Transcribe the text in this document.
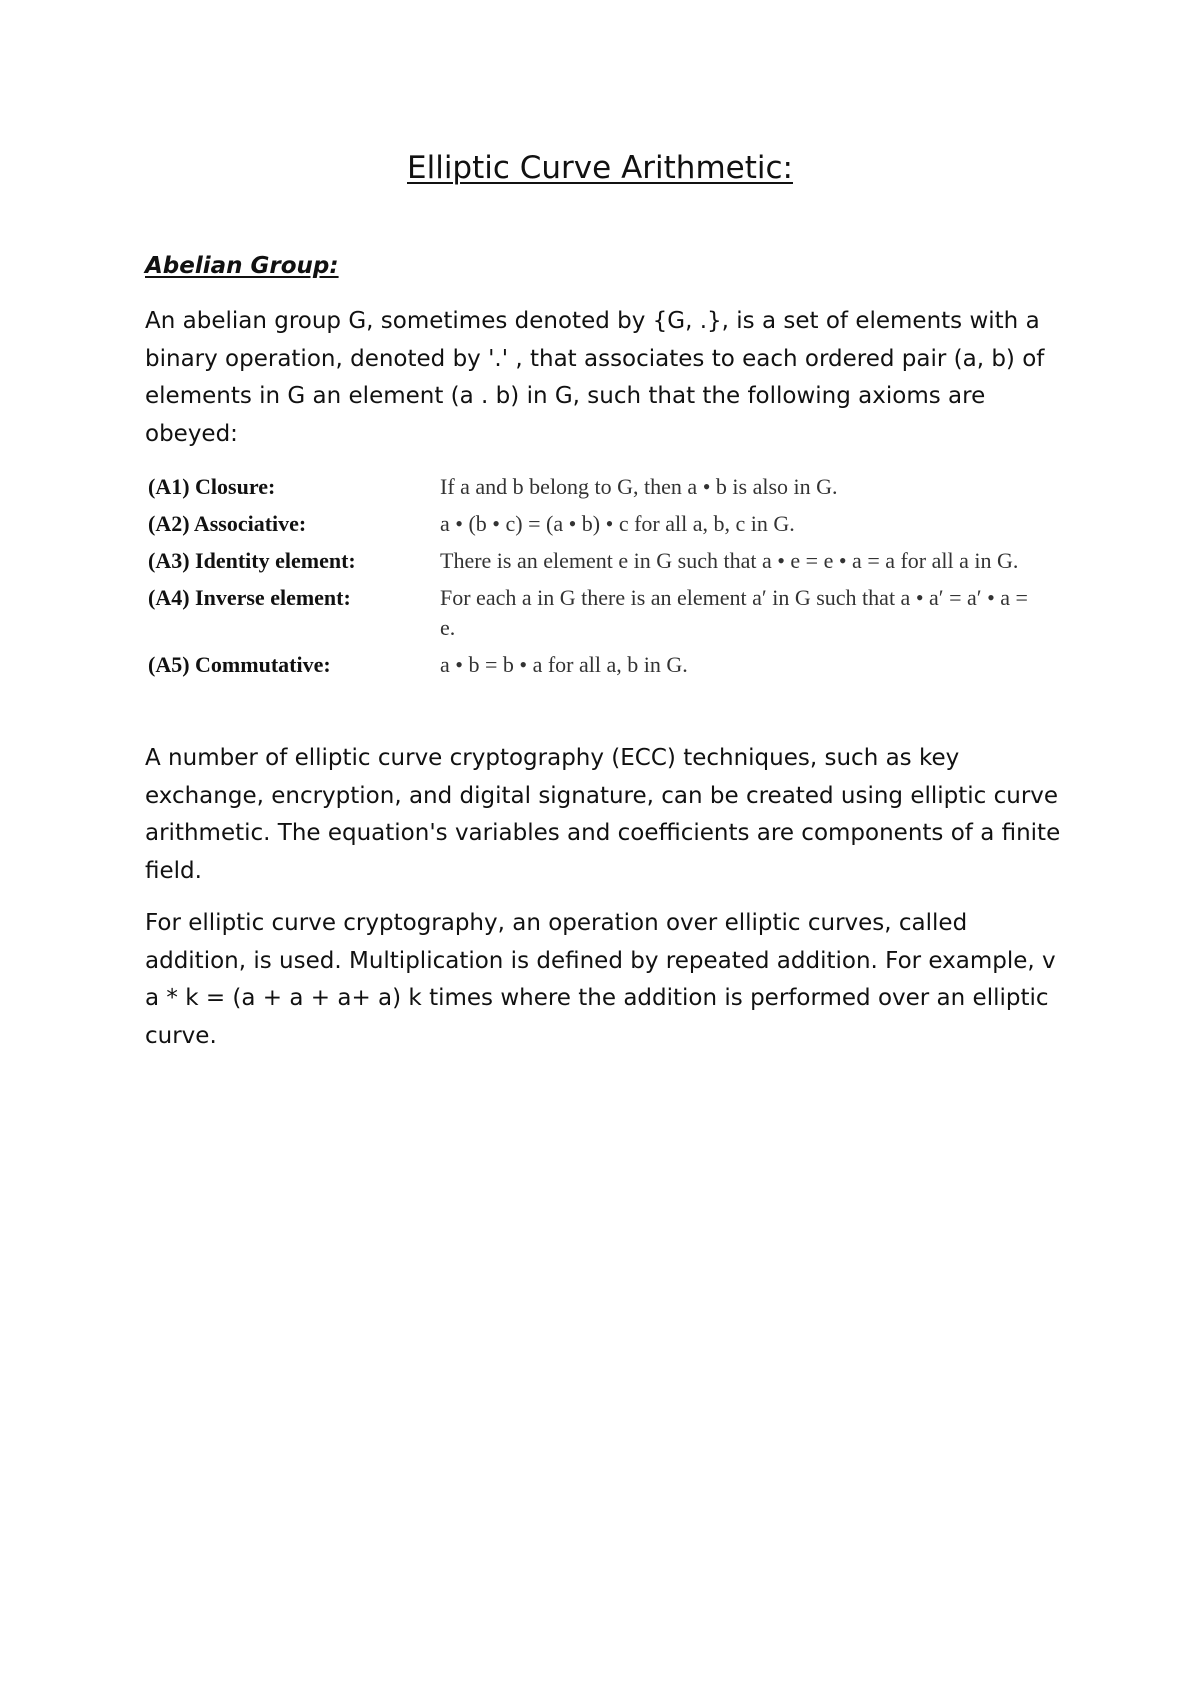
Elliptic Curve Arithmetic:
Abelian Group:

An abelian group G, sometimes denoted by {G, .}, is a set of elements with a binary operation, denoted by '.' , that associates to each ordered pair (a, b) of elements in G an element (a . b) in G, such that the following axioms are obeyed:

(A1) Closure:	If a and b belong to G, then a • b is also in G.
(A2) Associative:	a • (b • c) = (a • b) • c for all a, b, c in G.
(A3) Identity element:	There is an element e in G such that a • e = e • a = a for all a in G.
(A4) Inverse element:	For each a in G there is an element a′ in G such that a • a′ = a′ • a = e.
(A5) Commutative:	a • b = b • a for all a, b in G.

A number of elliptic curve cryptography (ECC) techniques, such as key exchange, encryption, and digital signature, can be created using elliptic curve arithmetic. The equation's variables and coefficients are components of a finite field.

For elliptic curve cryptography, an operation over elliptic curves, called addition, is used. Multiplication is defined by repeated addition. For example, v a * k = (a + a + a+ a) k times where the addition is performed over an elliptic curve.
